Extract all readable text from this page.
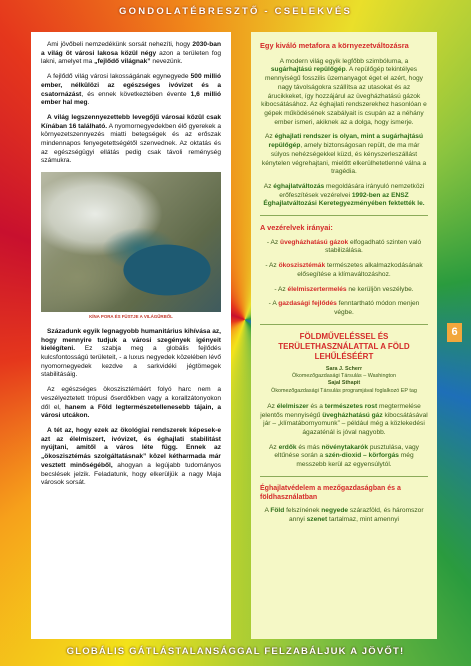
GONDOLATÉBRESZTŐ - CSELEKVÉS

Ami jövőbeli nemzedékünk sorsát nehezíti, hogy 2030-ban a világ öt városi lakosa közül négy azon a területen fog lakni, amelyet ma „fejlődő világnak” nevezünk.

A fejlődő világ városi lakosságának egynegyede 500 millió ember, nélkülözi az egészséges ivóvizet és a csatornázást, és ennek következtében évente 1,6 millió ember hal meg.

A világ legszennyezettebb levegőjű városai közül csak Kínában 16 található. A nyomornegyedekben élő gyerekek a környezetszennyezés miatti betegségek és az erőszak mindennapos fenyegetettségétől szenvednek. Az oktatás és az egészségügyi ellátás pedig csak távoli reménység számukra.

KÍNA PORA ÉS FÜSTJE A VILÁGŰRBŐL

Századunk egyik legnagyobb humanitárius kihívása az, hogy mennyire tudjuk a városi szegények igényeit kielégíteni. Ez szabja meg a globális fejlődés kulcsfontosságú területeit, - a luxus negyedek közelében lévő nyomornegyedek kezdve a sarkvidéki jégtömegek stabilitásáig.

Az egészséges ökoszisztémáért folyó harc nem a veszélyeztetett trópusi őserdőkben vagy a korallzátonyokon dől el, hanem a Föld legtermészetellenesebb tájain, a városi utcákon.

A tét az, hogy ezek az ökológiai rendszerek képesek-e azt az élelmiszert, ivóvizet, és éghajlati stabilitást nyújtani, amitől a város léte függ. Ennek az „ökoszisztémás szolgáltatásnak” közel kétharmada már vesztett minőségéből, ahogyan a legújabb tudományos becslések jelzik. Feladatunk, hogy elkerüljük a nagy Maja városok sorsát.

Egy kiváló metafora a környezetváltozásra

A modern világ egyik legfőbb szimbóluma, a sugárhajtású repülőgép. A repülőgép tekintélyes mennyiségű fosszilis üzemanyagot éget el azért, hogy nagy távolságokra szállítsa az utasokat és az árucikkeket, így hozzájárul az üvegházhatású gázok kibocsátásához. Az éghajlati rendszerekhez hasonlóan e gépek működésének szabályait is csupán az a néhány ember ismeri, akiknek az a dolga, hogy ismerje.

Az éghajlati rendszer is olyan, mint a sugárhajtású repülőgép, amely biztonságosan repült, de ma már súlyos nehézségekkel küzd, és kényszerleszállást kénytelen végrehajtani, mielőtt elkerülhetetlenné válna a tragédia.

Az éghajlatváltozás megoldására irányuló nemzetközi erőfeszítések vezérelvei 1992-ben az ENSZ Éghajlatváltozási Keretegyezményében fektették le.

A vezérelvek irányai:
- Az üvegházhatású gázok elfogadható szinten való stabilizálása.
- Az ökoszisztémák természetes alkalmazkodásának elősegítése a klímaváltozáshoz.
- Az élelmiszertermelés ne kerüljön veszélybe.
- A gazdasági fejlődés fenntartható módon menjen végbe.
FÖLDMŰVELÉSSEL ÉS TERÜLETHASZNÁLATTAL A FÖLD LEHŰLÉSÉÉRT
Sara J. Scherr
Ökomezőgazdasági Társulás – Washington
Sajal Sthapit
Ökomezőgazdasági Társulás programjával foglalkozó EP tag

Az élelmiszer és a természetes rost megtermelése jelentős mennyiségű üvegházhatású gáz kibocsátásával jár – „klímatábornyomunk” – például még a közlekedési ágazaténál is jóval nagyobb.

Az erdők és más növénytakarók pusztulása, vagy eltűnése során a szén-dioxid – körforgás még messzebb kerül az egyensúlytól.

Éghajlatvédelem a mezőgazdaságban és a földhasználatban

A Föld felszínének negyede szárazföld, és háromszor annyi szenet tartalmaz, mint amennyi

6
GLOBÁLIS GÁTLÁSTALANSÁGGAL FELZABÁLJUK A JÖVŐT!
